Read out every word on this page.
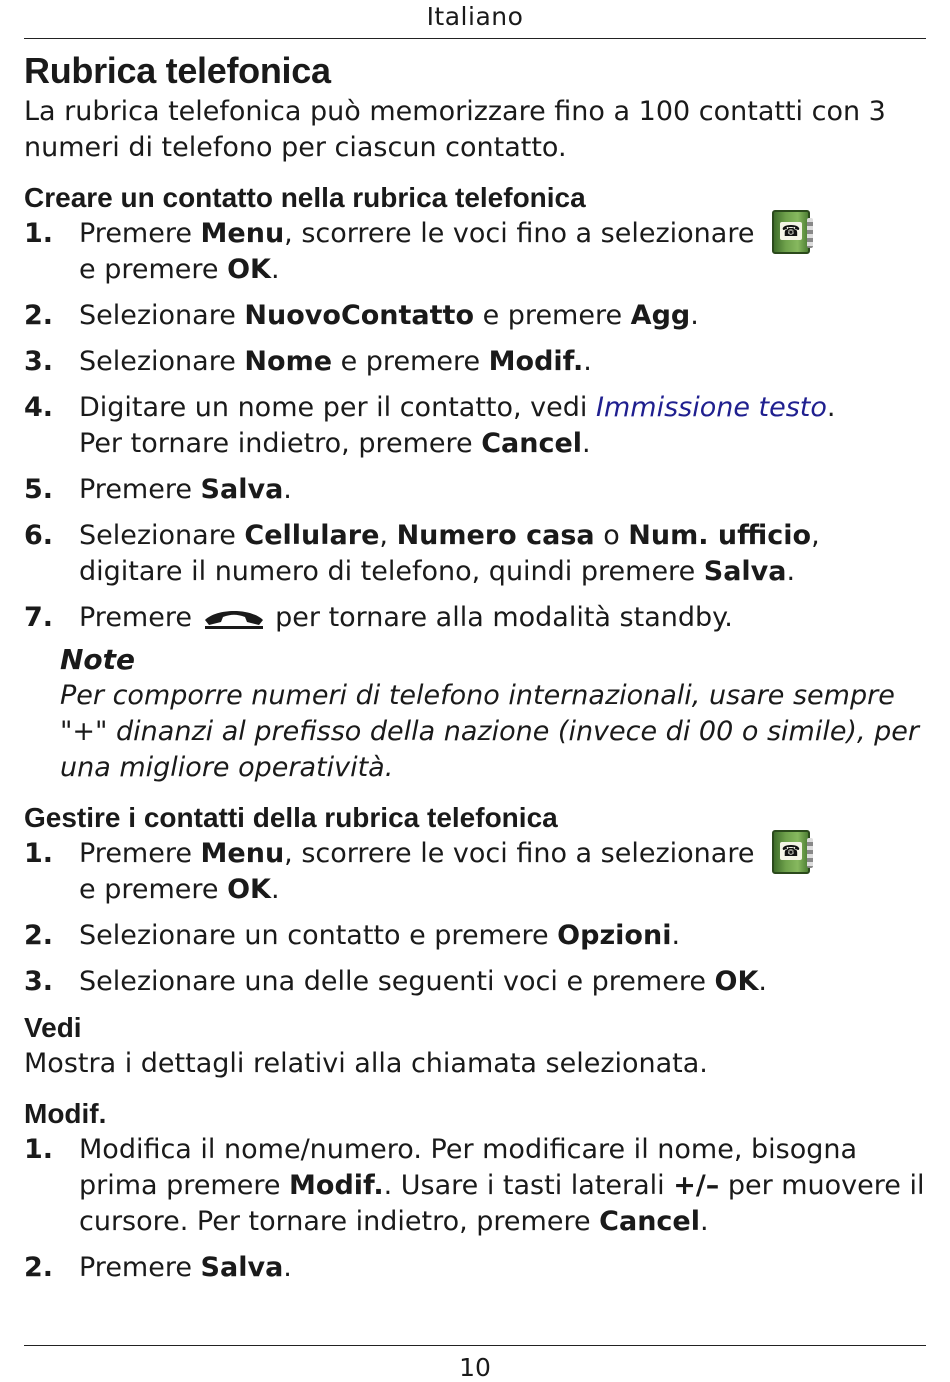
Italiano
Rubrica telefonica

La rubrica telefonica può memorizzare fino a 100 contatti con 3 numeri di telefono per ciascun contatto.

Creare un contatto nella rubrica telefonica
1. Premere Menu, scorrere le voci fino a selezionare ☎

e premere OK.
2. Selezionare NuovoContatto e premere Agg.
3. Selezionare Nome e premere Modif..
4. Digitare un nome per il contatto, vedi Immissione testo.
Per tornare indietro, premere Cancel.
5. Premere Salva.
6. Selezionare Cellulare, Numero casa o Num. ufficio,
digitare il numero di telefono, quindi premere Salva.
7. Premere  per tornare alla modalità standby.
Note
Per comporre numeri di telefono internazionali, usare sempre "+" dinanzi al prefisso della nazione (invece di 00 o simile), per una migliore operatività.
Gestire i contatti della rubrica telefonica
1. Premere Menu, scorrere le voci fino a selezionare ☎

e premere OK.
2. Selezionare un contatto e premere Opzioni.
3. Selezionare una delle seguenti voci e premere OK.
Vedi

Mostra i dettagli relativi alla chiamata selezionata.

Modif.
1. Modifica il nome/numero. Per modificare il nome, bisogna prima premere Modif.. Usare i tasti laterali +/– per muovere il cursore. Per tornare indietro, premere Cancel.
2. Premere Salva.
10
